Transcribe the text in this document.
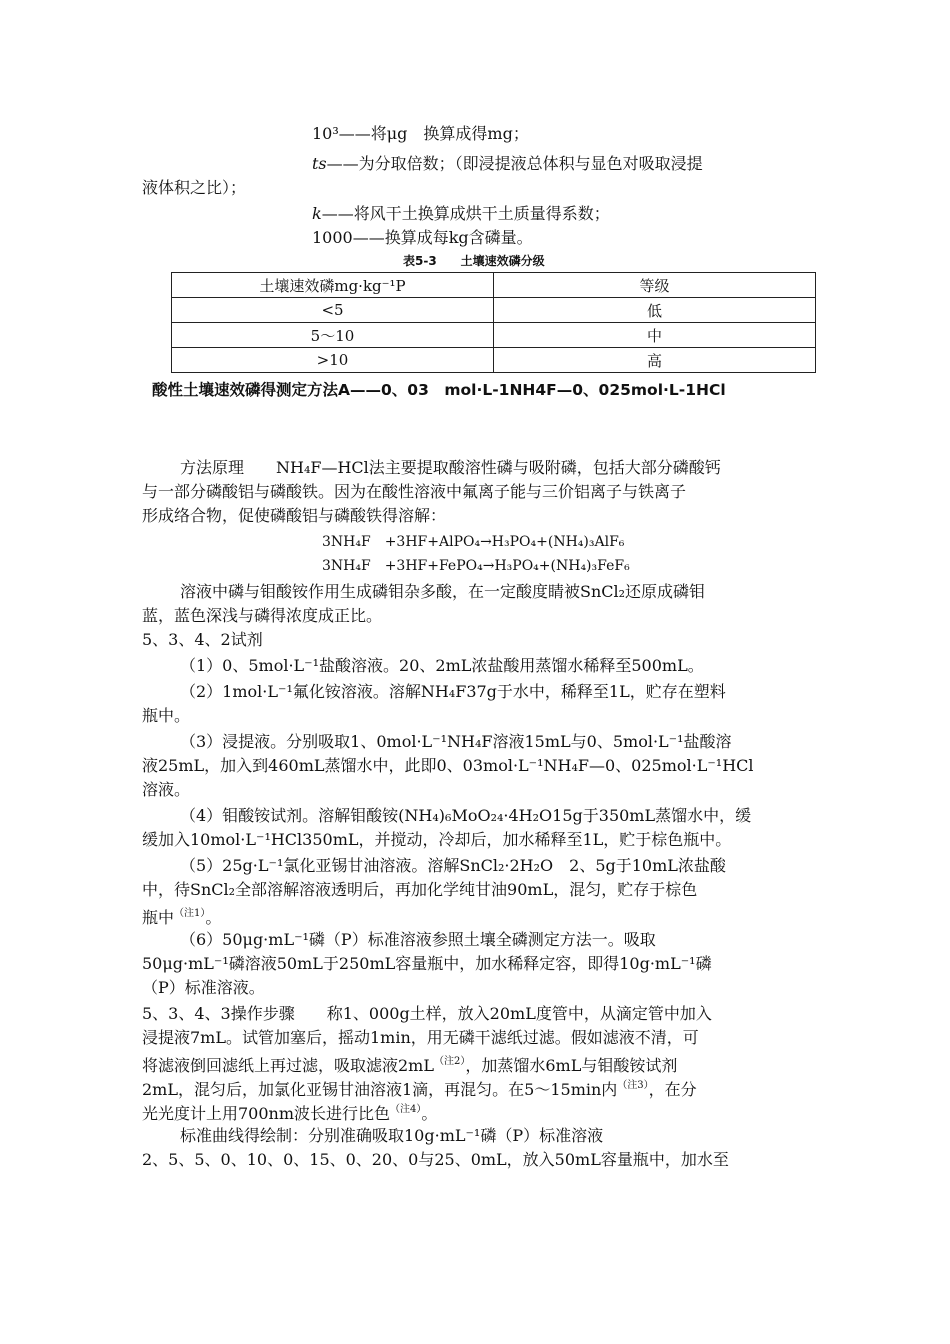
10³——将μg　换算成得mg；
ts——为分取倍数；（即浸提液总体积与显色对吸取浸提
液体积之比）；
k——将风干土换算成烘干土质量得系数；
1000——换算成每kg含磷量。
表5-3　　土壤速效磷分级
土壤速效磷mg·kg⁻¹P	等级
<5	低
5～10	中
>10	高
酸性土壤速效磷得测定方法A——0、03　mol·L-1NH4F—0、025mol·L-1HCl
方法原理　　NH₄F—HCl法主要提取酸溶性磷与吸附磷，包括大部分磷酸钙
与一部分磷酸铝与磷酸铁。因为在酸性溶液中氟离子能与三价铝离子与铁离子
形成络合物，促使磷酸铝与磷酸铁得溶解：
3NH₄F　+3HF+AlPO₄→H₃PO₄+(NH₄)₃AlF₆
3NH₄F　+3HF+FePO₄→H₃PO₄+(NH₄)₃FeF₆
溶液中磷与钼酸铵作用生成磷钼杂多酸，在一定酸度睛被SnCl₂还原成磷钼
蓝，蓝色深浅与磷得浓度成正比。
5、3、4、2试剂
（1）0、5mol·L⁻¹盐酸溶液。20、2mL浓盐酸用蒸馏水稀释至500mL。
（2）1mol·L⁻¹氟化铵溶液。溶解NH₄F37g于水中，稀释至1L，贮存在塑料
瓶中。
（3）浸提液。分别吸取1、0mol·L⁻¹NH₄F溶液15mL与0、5mol·L⁻¹盐酸溶
液25mL，加入到460mL蒸馏水中，此即0、03mol·L⁻¹NH₄F—0、025mol·L⁻¹HCl
溶液。
（4）钼酸铵试剂。溶解钼酸铵(NH₄)₆MoO₂₄·4H₂O15g于350mL蒸馏水中，缓
缓加入10mol·L⁻¹HCl350mL，并搅动，冷却后，加水稀释至1L，贮于棕色瓶中。
（5）25g·L⁻¹氯化亚锡甘油溶液。溶解SnCl₂·2H₂O　2、5g于10mL浓盐酸
中，待SnCl₂全部溶解溶液透明后，再加化学纯甘油90mL，混匀，贮存于棕色
瓶中$^{(注1)}$。
（6）50μg·mL⁻¹磷（P）标准溶液参照土壤全磷测定方法一。吸取
50μg·mL⁻¹磷溶液50mL于250mL容量瓶中，加水稀释定容，即得10g·mL⁻¹磷
（P）标准溶液。
5、3、4、3操作步骤　　称1、000g土样，放入20mL度管中，从滴定管中加入
浸提液7mL。试管加塞后，摇动1min，用无磷干滤纸过滤。假如滤液不清，可
将滤液倒回滤纸上再过滤，吸取滤液2mL$^{(注2)}$，加蒸馏水6mL与钼酸铵试剂
2mL，混匀后，加氯化亚锡甘油溶液1滴，再混匀。在5～15min内$^{(注3)}$，在分
光光度计上用700nm波长进行比色$^{(注4)}$。
标准曲线得绘制：分别准确吸取10g·mL⁻¹磷（P）标准溶液
2、5、5、0、10、0、15、0、20、0与25、0mL，放入50mL容量瓶中，加水至
